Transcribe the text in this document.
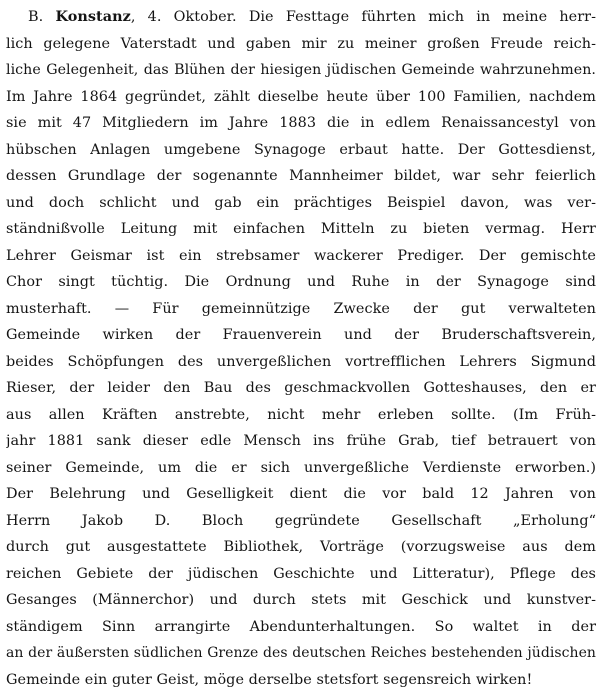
B. Konstanz, 4. Oktober. Die Festtage führten mich in meine herr-
lich gelegene Vaterstadt und gaben mir zu meiner großen Freude reich-
liche Gelegenheit, das Blühen der hiesigen jüdischen Gemeinde wahrzunehmen.
Im Jahre 1864 gegründet, zählt dieselbe heute über 100 Familien, nachdem
sie mit 47 Mitgliedern im Jahre 1883 die in edlem Renaissancestyl von
hübschen Anlagen umgebene Synagoge erbaut hatte. Der Gottesdienst,
dessen Grundlage der sogenannte Mannheimer bildet, war sehr feierlich
und doch schlicht und gab ein prächtiges Beispiel davon, was ver-
ständnißvolle Leitung mit einfachen Mitteln zu bieten vermag. Herr
Lehrer Geismar ist ein strebsamer wackerer Prediger. Der gemischte
Chor singt tüchtig. Die Ordnung und Ruhe in der Synagoge sind
musterhaft. — Für gemeinnützige Zwecke der gut verwalteten
Gemeinde wirken der Frauenverein und der Bruderschaftsverein,
beides Schöpfungen des unvergeßlichen vortrefflichen Lehrers Sigmund
Rieser, der leider den Bau des geschmackvollen Gotteshauses, den er
aus allen Kräften anstrebte, nicht mehr erleben sollte. (Im Früh-
jahr 1881 sank dieser edle Mensch ins frühe Grab, tief betrauert von
seiner Gemeinde, um die er sich unvergeßliche Verdienste erworben.)
Der Belehrung und Geselligkeit dient die vor bald 12 Jahren von
Herrn Jakob D. Bloch gegründete Gesellschaft „Erholung“
durch gut ausgestattete Bibliothek, Vorträge (vorzugsweise aus dem
reichen Gebiete der jüdischen Geschichte und Litteratur), Pflege des
Gesanges (Männerchor) und durch stets mit Geschick und kunstver-
ständigem Sinn arrangirte Abendunterhaltungen. So waltet in der
an der äußersten südlichen Grenze des deutschen Reiches bestehenden jüdischen
Gemeinde ein guter Geist, möge derselbe stetsfort segensreich wirken!
